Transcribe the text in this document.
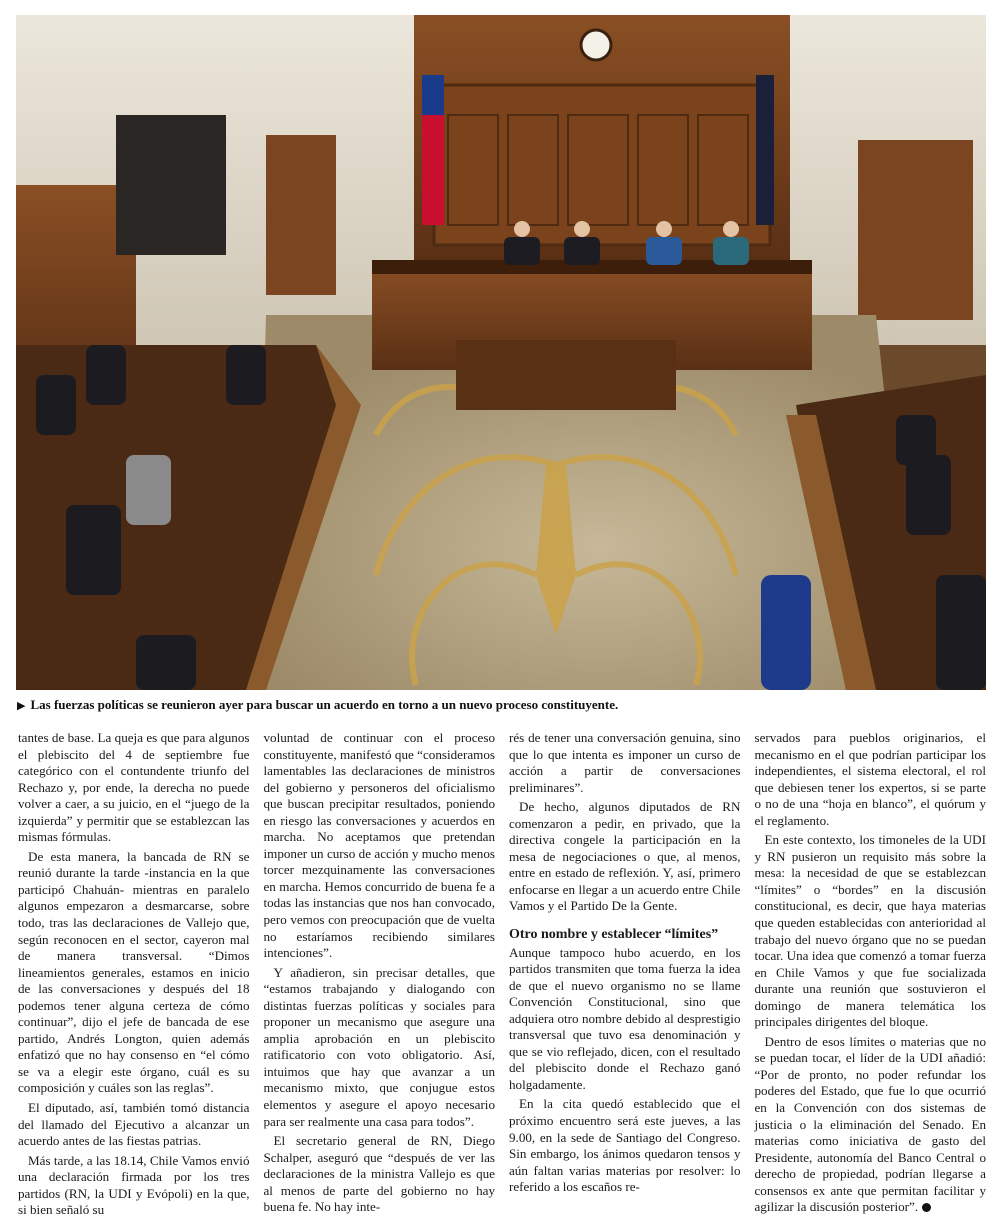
▶ Las fuerzas políticas se reunieron ayer para buscar un acuerdo en torno a un nuevo proceso constituyente.

tantes de base. La queja es que para algunos el plebiscito del 4 de septiembre fue categórico con el contundente triunfo del Rechazo y, por ende, la derecha no puede volver a caer, a su juicio, en el “juego de la izquierda” y permitir que se establezcan las mismas fórmulas.

De esta manera, la bancada de RN se reunió durante la tarde -instancia en la que participó Chahuán- mientras en paralelo algunos empezaron a desmarcarse, sobre todo, tras las declaraciones de Vallejo que, según reconocen en el sector, cayeron mal de manera transversal. “Dimos lineamientos generales, estamos en inicio de las conversaciones y después del 18 podemos tener alguna certeza de cómo continuar”, dijo el jefe de bancada de ese partido, Andrés Longton, quien además enfatizó que no hay consenso en “el cómo se va a elegir este órgano, cuál es su composición y cuáles son las reglas”.

El diputado, así, también tomó distancia del llamado del Ejecutivo a alcanzar un acuerdo antes de las fiestas patrias.

Más tarde, a las 18.14, Chile Vamos envió una declaración firmada por los tres partidos (RN, la UDI y Evópoli) en la que, si bien señaló su

voluntad de continuar con el proceso constituyente, manifestó que “consideramos lamentables las declaraciones de ministros del gobierno y personeros del oficialismo que buscan precipitar resultados, poniendo en riesgo las conversaciones y acuerdos en marcha. No aceptamos que pretendan imponer un curso de acción y mucho menos torcer mezquinamente las conversaciones en marcha. Hemos concurrido de buena fe a todas las instancias que nos han convocado, pero vemos con preocupación que de vuelta no estaríamos recibiendo similares intenciones”.

Y añadieron, sin precisar detalles, que “estamos trabajando y dialogando con distintas fuerzas políticas y sociales para proponer un mecanismo que asegure una amplia aprobación en un plebiscito ratificatorio con voto obligatorio. Así, intuimos que hay que avanzar a un mecanismo mixto, que conjugue estos elementos y asegure el apoyo necesario para ser realmente una casa para todos”.

El secretario general de RN, Diego Schalper, aseguró que “después de ver las declaraciones de la ministra Vallejo es que al menos de parte del gobierno no hay buena fe. No hay inte-

rés de tener una conversación genuina, sino que lo que intenta es imponer un curso de acción a partir de conversaciones preliminares”.

De hecho, algunos diputados de RN comenzaron a pedir, en privado, que la directiva congele la participación en la mesa de negociaciones o que, al menos, entre en estado de reflexión. Y, así, primero enfocarse en llegar a un acuerdo entre Chile Vamos y el Partido De la Gente.

Otro nombre y establecer “límites”

Aunque tampoco hubo acuerdo, en los partidos transmiten que toma fuerza la idea de que el nuevo organismo no se llame Convención Constitucional, sino que adquiera otro nombre debido al desprestigio transversal que tuvo esa denominación y que se vio reflejado, dicen, con el resultado del plebiscito donde el Rechazo ganó holgadamente.

En la cita quedó establecido que el próximo encuentro será este jueves, a las 9.00, en la sede de Santiago del Congreso. Sin embargo, los ánimos quedaron tensos y aún faltan varias materias por resolver: lo referido a los escaños re-

servados para pueblos originarios, el mecanismo en el que podrían participar los independientes, el sistema electoral, el rol que debiesen tener los expertos, si se parte o no de una “hoja en blanco”, el quórum y el reglamento.

En este contexto, los timoneles de la UDI y RN pusieron un requisito más sobre la mesa: la necesidad de que se establezcan “límites” o “bordes” en la discusión constitucional, es decir, que haya materias que queden establecidas con anterioridad al trabajo del nuevo órgano que no se puedan tocar. Una idea que comenzó a tomar fuerza en Chile Vamos y que fue socializada durante una reunión que sostuvieron el domingo de manera telemática los principales dirigentes del bloque.

Dentro de esos límites o materias que no se puedan tocar, el líder de la UDI añadió: “Por de pronto, no poder refundar los poderes del Estado, que fue lo que ocurrió en la Convención con dos sistemas de justicia o la eliminación del Senado. En materias como iniciativa de gasto del Presidente, autonomía del Banco Central o derecho de propiedad, podrían llegarse a consensos ex ante que permitan facilitar y agilizar la discusión posterior”.
